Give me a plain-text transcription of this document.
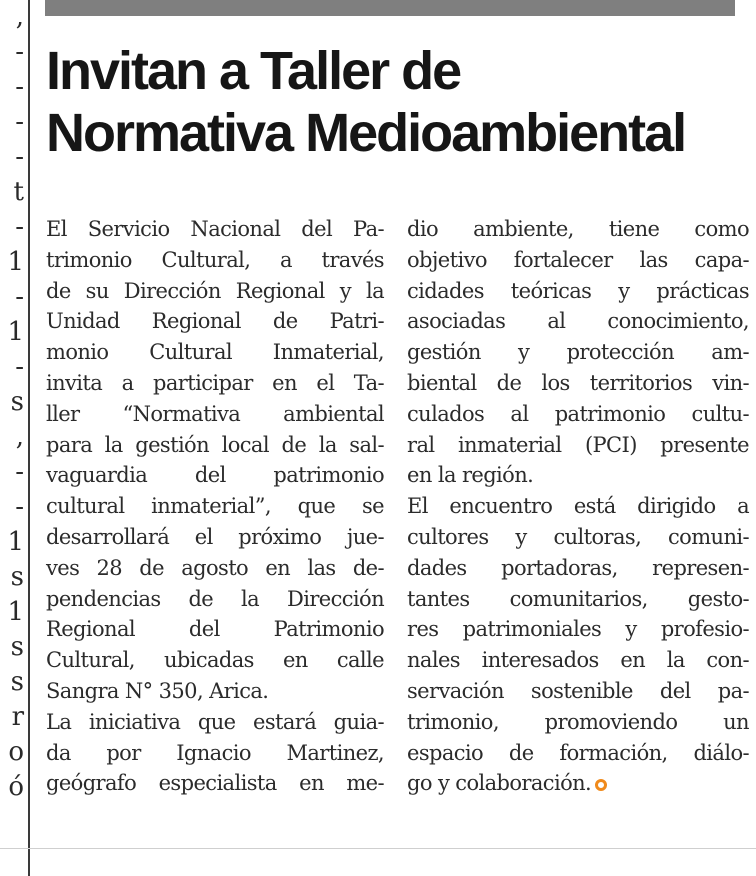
,
-
-
-
-
t
-
1
-
1
-
s
,
-
-
1
s
1
s
s
r
o
ó
Invitan a Taller de
Normativa Medioambiental
El Servicio Nacional del Pa-
trimonio Cultural, a través
de su Dirección Regional y la
Unidad Regional de Patri-
monio Cultural Inmaterial,
invita a participar en el Ta-
ller “Normativa ambiental
para la gestión local de la sal-
vaguardia del patrimonio
cultural inmaterial”, que se
desarrollará el próximo jue-
ves 28 de agosto en las de-
pendencias de la Dirección
Regional del Patrimonio
Cultural, ubicadas en calle
Sangra N° 350, Arica.
La iniciativa que estará guia-
da por Ignacio Martinez,
geógrafo especialista en me-
dio ambiente, tiene como
objetivo fortalecer las capa-
cidades teóricas y prácticas
asociadas al conocimiento,
gestión y protección am-
biental de los territorios vin-
culados al patrimonio cultu-
ral inmaterial (PCI) presente
en la región.
El encuentro está dirigido a
cultores y cultoras, comuni-
dades portadoras, represen-
tantes comunitarios, gesto-
res patrimoniales y profesio-
nales interesados en la con-
servación sostenible del pa-
trimonio, promoviendo un
espacio de formación, diálo-
go y colaboración.
